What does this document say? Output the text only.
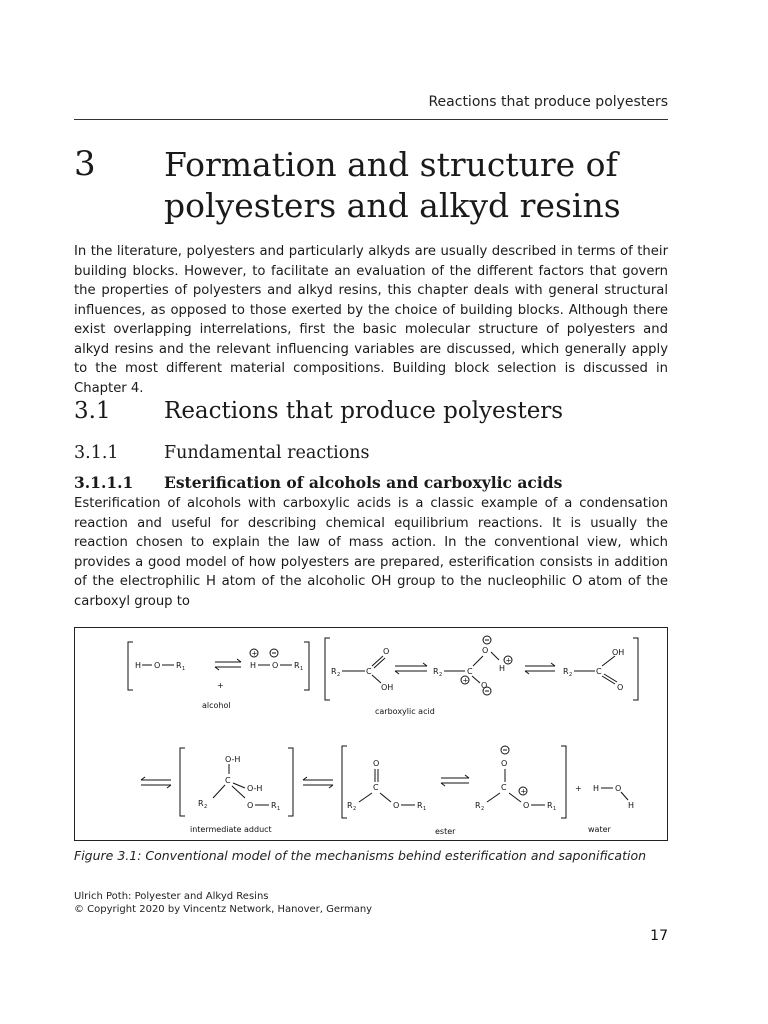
Reactions that produce polyesters
3 Formation and structure of
polyesters and alkyd resins

In the literature, polyesters and particularly alkyds are usually described in terms of their building blocks. However, to facilitate an evaluation of the different factors that govern the properties of polyesters and alkyd resins, this chapter deals with general structural influences, as opposed to those exerted by the choice of building blocks. Although there exist overlapping interrelations, first the basic molecular structure of polyesters and alkyd resins and the relevant influencing variables are discussed, which generally apply to the most different material compositions. Building block selection is discussed in Chapter 4.

3.1 Reactions that produce polyesters
3.1.1	Fundamental reactions
3.1.1.1 Esterification of alcohols and carboxylic acids

Esterification of alcohols with carboxylic acids is a classic example of a condensation reaction and useful for describing chemical equilibrium reactions. It is usually the reaction chosen to explain the law of mass action. In the conventional view, which provides a good model of how polyesters are prepared, esterification consists in addition of the electrophilic H atom of the alcoholic OH group to the nucleophilic O atom of the carboxyl group to

H O R 1
+
H O R 1
+
alcohol
R 2	C
O
OH
R 2	C
+
O
+
H
O
R 2	C
OH
O
carboxylic acid
O-H
C
O-H
R 2	O R 1
intermediate adduct
O
C
R 2	O R 1
O
C +
R 2	O R 1
ester
+ H O
H
water
Figure 3.1: Conventional model of the mechanisms behind esterification and saponification
Ulrich Poth: Polyester and Alkyd Resins
© Copyright 2020 by Vincentz Network, Hanover, Germany
17
